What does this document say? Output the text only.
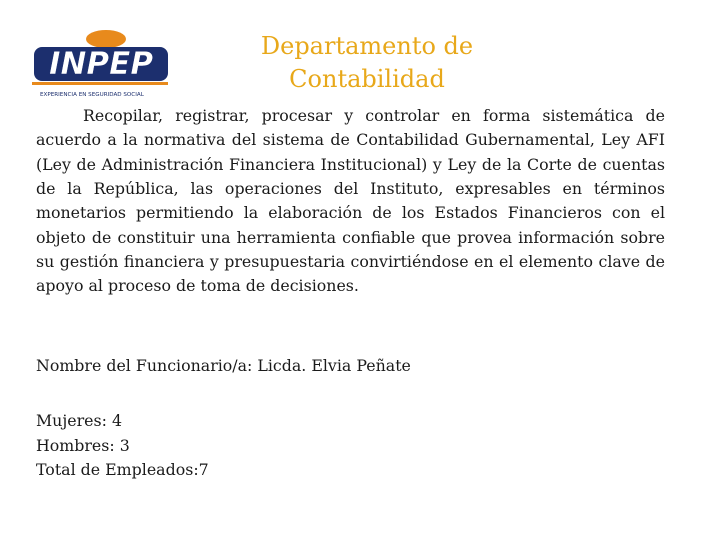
INPEP
EXPERIENCIA EN SEGURIDAD SOCIAL
Departamento de
Contabilidad

Recopilar, registrar, procesar y controlar en forma sistemática de acuerdo a la normativa del sistema de Contabilidad Gubernamental, Ley AFI (Ley de Administración Financiera Institucional) y Ley de la Corte de cuentas de la República, las operaciones del Instituto, expresables en términos monetarios permitiendo la elaboración de los Estados Financieros con el objeto de constituir una herramienta confiable que provea información sobre su gestión financiera y presupuestaria convirtiéndose en el elemento clave de apoyo al proceso de toma de decisiones.

Nombre del Funcionario/a: Licda. Elvia Peñate
Mujeres: 4
Hombres: 3
Total de Empleados:7
